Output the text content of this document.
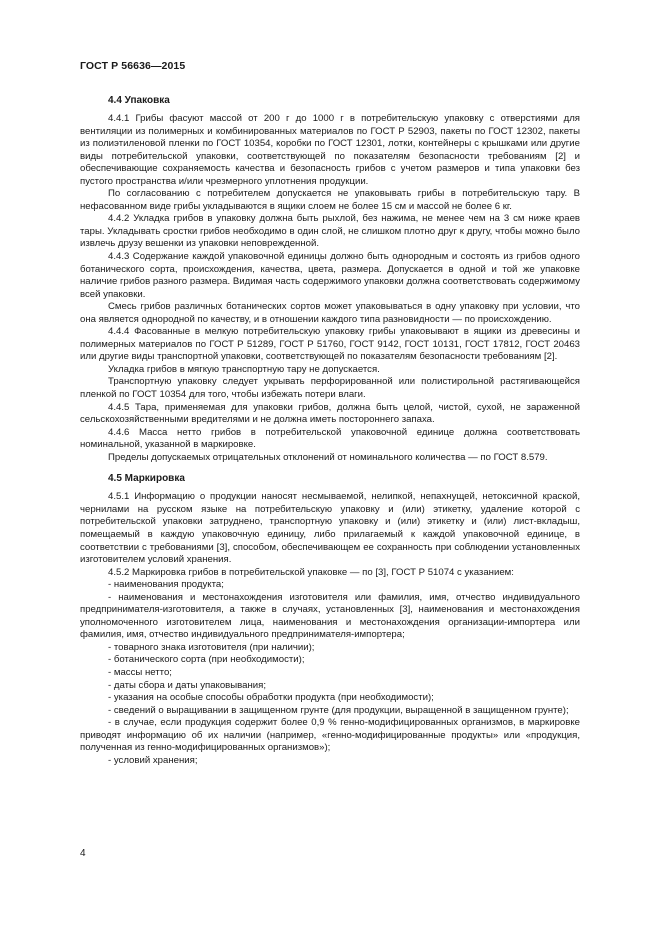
ГОСТ Р 56636—2015
4.4 Упаковка

4.4.1 Грибы фасуют массой от 200 г до 1000 г в потребительскую упаковку с отверстиями для вентиляции из полимерных и комбинированных материалов по ГОСТ Р 52903, пакеты по ГОСТ 12302, пакеты из полиэтиленовой пленки по ГОСТ 10354, коробки по ГОСТ 12301, лотки, контейнеры с крышками или другие виды потребительской упаковки, соответствующей по показателям безопасности требованиям [2] и обеспечивающие сохраняемость качества и безопасность грибов с учетом размеров и типа упаковки без пустого пространства и/или чрезмерного уплотнения продукции.

По согласованию с потребителем допускается не упаковывать грибы в потребительскую тару. В нефасованном виде грибы укладываются в ящики слоем не более 15 см и массой не более 6 кг.

4.4.2 Укладка грибов в упаковку должна быть рыхлой, без нажима, не менее чем на 3 см ниже краев тары. Укладывать сростки грибов необходимо в один слой, не слишком плотно друг к другу, чтобы можно было извлечь друзу вешенки из упаковки неповрежденной.

4.4.3 Содержание каждой упаковочной единицы должно быть однородным и состоять из грибов одного ботанического сорта, происхождения, качества, цвета, размера. Допускается в одной и той же упаковке наличие грибов разного размера. Видимая часть содержимого упаковки должна соответствовать содержимому всей упаковки.

Смесь грибов различных ботанических сортов может упаковываться в одну упаковку при условии, что она является однородной по качеству, и в отношении каждого типа разновидности — по происхождению.

4.4.4 Фасованные в мелкую потребительскую упаковку грибы упаковывают в ящики из древесины и полимерных материалов по ГОСТ Р 51289, ГОСТ Р 51760, ГОСТ 9142, ГОСТ 10131, ГОСТ 17812, ГОСТ 20463 или другие виды транспортной упаковки, соответствующей по показателям безопасности требованиям [2].

Укладка грибов в мягкую транспортную тару не допускается.

Транспортную упаковку следует укрывать перфорированной или полистирольной растягивающейся пленкой по ГОСТ 10354 для того, чтобы избежать потери влаги.

4.4.5 Тара, применяемая для упаковки грибов, должна быть целой, чистой, сухой, не зараженной сельскохозяйственными вредителями и не должна иметь постороннего запаха.

4.4.6 Масса нетто грибов в потребительской упаковочной единице должна соответствовать номинальной, указанной в маркировке.

Пределы допускаемых отрицательных отклонений от номинального количества — по ГОСТ 8.579.

4.5 Маркировка

4.5.1 Информацию о продукции наносят несмываемой, нелипкой, непахнущей, нетоксичной краской, чернилами на русском языке на потребительскую упаковку и (или) этикетку, удаление которой с потребительской упаковки затруднено, транспортную упаковку и (или) этикетку и (или) лист-вкладыш, помещаемый в каждую упаковочную единицу, либо прилагаемый к каждой упаковочной единице, в соответствии с требованиями [3], способом, обеспечивающем ее сохранность при соблюдении установленных изготовителем условий хранения.

4.5.2 Маркировка грибов в потребительской упаковке — по [3], ГОСТ Р 51074 с указанием:

- наименования продукта;

- наименования и местонахождения изготовителя или фамилия, имя, отчество индивидуального предпринимателя-изготовителя, а также в случаях, установленных [3], наименования и местонахождения уполномоченного изготовителем лица, наименования и местонахождения организации-импортера или фамилия, имя, отчество индивидуального предпринимателя-импортера;

- товарного знака изготовителя (при наличии);

- ботанического сорта (при необходимости);

- массы нетто;

- даты сбора и даты упаковывания;

- указания на особые способы обработки продукта (при необходимости);

- сведений о выращивании в защищенном грунте (для продукции, выращенной в защищенном грунте);

- в случае, если продукция содержит более 0,9 % генно-модифицированных организмов, в маркировке приводят информацию об их наличии (например, «генно-модифицированные продукты» или «продукция, полученная из генно-модифицированных организмов»);

- условий хранения;

4
